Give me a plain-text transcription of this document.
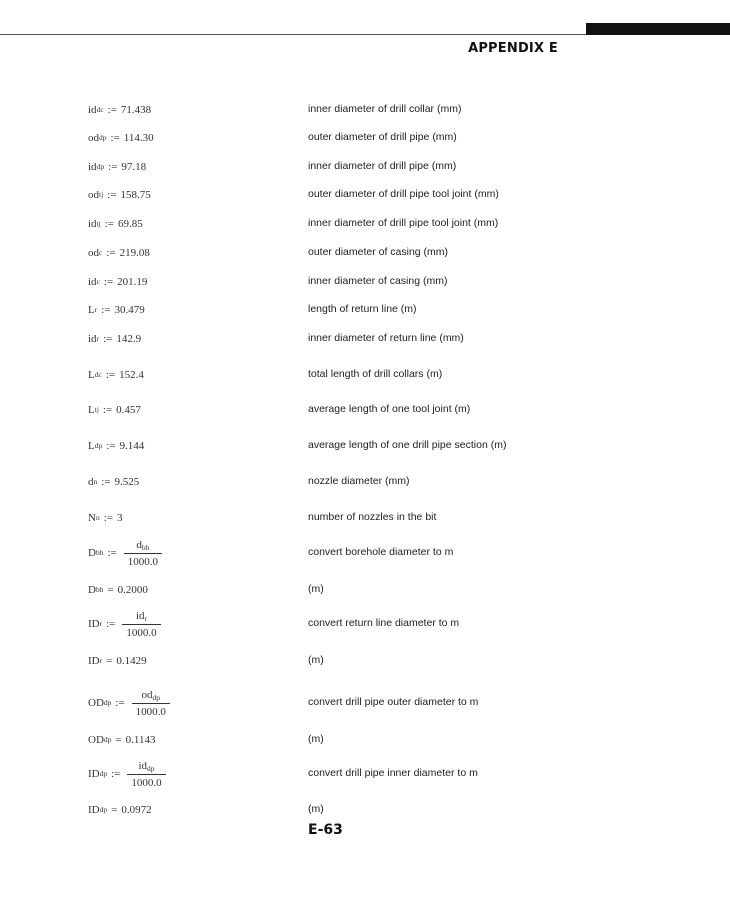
APPENDIX E
id dc := 71.438	inner diameter of drill collar (mm)
od dp := 114.30	outer diameter of drill pipe (mm)
id dp := 97.18	inner diameter of drill pipe (mm)
od tj := 158.75	outer diameter of drill pipe tool joint (mm)
id tj := 69.85	inner diameter of drill pipe tool joint (mm)
od c := 219.08	outer diameter of casing (mm)
id c := 201.19	inner diameter of casing (mm)
L r := 30.479	length of return line (m)
id r := 142.9	inner diameter of return line (mm)
L dc := 152.4	total length of drill collars (m)
L tj := 0.457	average length of one tool joint (m)
L dp := 9.144	average length of one drill pipe section (m)
d n := 9.525	nozzle diameter (mm)
N n := 3	number of nozzles in the bit
D bh := $\frac{d_{bh}}{1000.0}$	convert borehole diameter to m
D bh = 0.2000	(m)
ID r := $\frac{id_r}{1000.0}$	convert return line diameter to m
ID r = 0.1429	(m)
OD dp := $\frac{od_{dp}}{1000.0}$	convert drill pipe outer diameter to m
OD dp = 0.1143	(m)
ID dp := $\frac{id_{dp}}{1000.0}$	convert drill pipe inner diameter to m
ID dp = 0.0972	(m)
E-63
